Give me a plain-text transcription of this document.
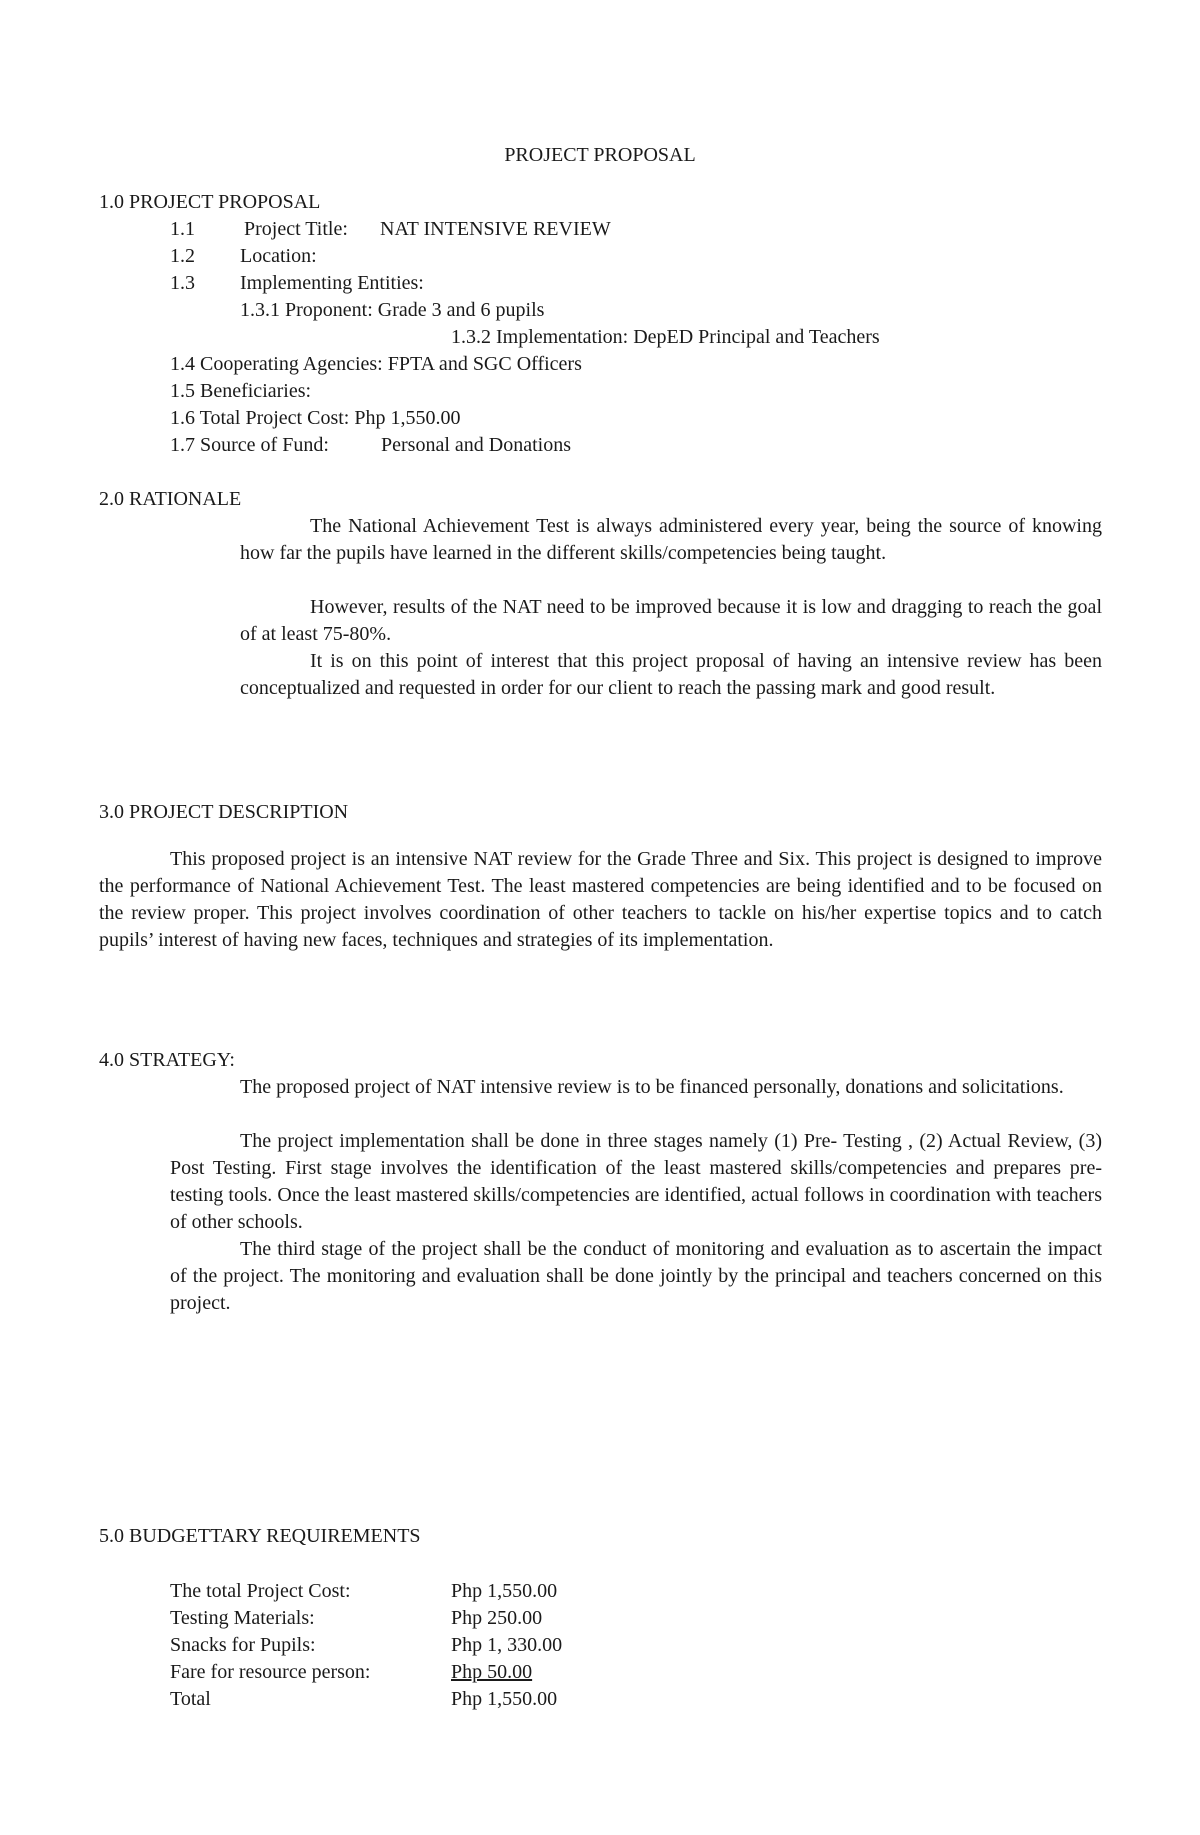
PROJECT PROPOSAL
1.0 PROJECT PROPOSAL
1.1 Project Title: NAT INTENSIVE REVIEW
1.2 Location:
1.3 Implementing Entities:
1.3.1 Proponent: Grade 3 and 6 pupils
1.3.2 Implementation: DepED Principal and Teachers
1.4 Cooperating Agencies: FPTA and SGC Officers
1.5 Beneficiaries:
1.6 Total Project Cost: Php 1,550.00
1.7 Source of Fund:	Personal and Donations
2.0 RATIONALE
The National Achievement Test is always administered every year, being the source of knowing how far the pupils have learned in the different skills/competencies being taught.
However, results of the NAT need to be improved because it is low and dragging to reach the goal of at least 75-80%.
It is on this point of interest that this project proposal of having an intensive review has been conceptualized and requested in order for our client to reach the passing mark and good result.
3.0 PROJECT DESCRIPTION
This proposed project is an intensive NAT review for the Grade Three and Six. This project is designed to improve the performance of National Achievement Test. The least mastered competencies are being identified and to be focused on the review proper. This project involves coordination of other teachers to tackle on his/her expertise topics and to catch pupils’ interest of having new faces, techniques and strategies of its implementation.
4.0 STRATEGY:
The proposed project of NAT intensive review is to be financed personally, donations and solicitations.
The project implementation shall be done in three stages namely (1) Pre- Testing , (2) Actual Review, (3) Post Testing. First stage involves the identification of the least mastered skills/competencies and prepares pre-testing tools. Once the least mastered skills/competencies are identified, actual follows in coordination with teachers of other schools.
The third stage of the project shall be the conduct of monitoring and evaluation as to ascertain the impact of the project. The monitoring and evaluation shall be done jointly by the principal and teachers concerned on this project.
5.0 BUDGETTARY REQUIREMENTS
The total Project Cost:	Php 1,550.00
Testing Materials:	Php 250.00
Snacks for Pupils:	Php 1, 330.00
Fare for resource person:	Php 50.00
Total	Php 1,550.00
